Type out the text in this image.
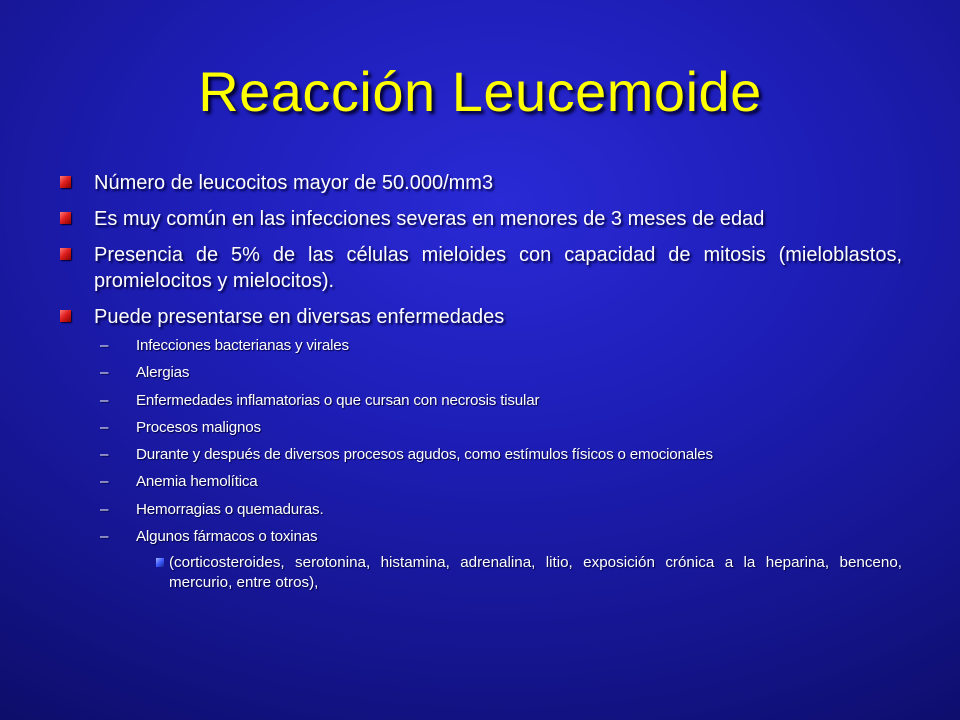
Reacción Leucemoide
Número de leucocitos mayor de 50.000/mm3
Es muy común en las infecciones severas en menores de 3 meses de edad
Presencia de 5% de las células mieloides con capacidad de mitosis (mieloblastos, promielocitos y mielocitos).
Puede presentarse en diversas enfermedades
– Infecciones bacterianas y virales
– Alergias
– Enfermedades inflamatorias o que cursan con necrosis tisular
– Procesos malignos
– Durante y después de diversos procesos agudos, como estímulos físicos o emocionales
– Anemia hemolítica
– Hemorragias o quemaduras.
– Algunos fármacos o toxinas
(corticosteroides, serotonina, histamina, adrenalina, litio, exposición crónica a la heparina, benceno, mercurio, entre otros),
